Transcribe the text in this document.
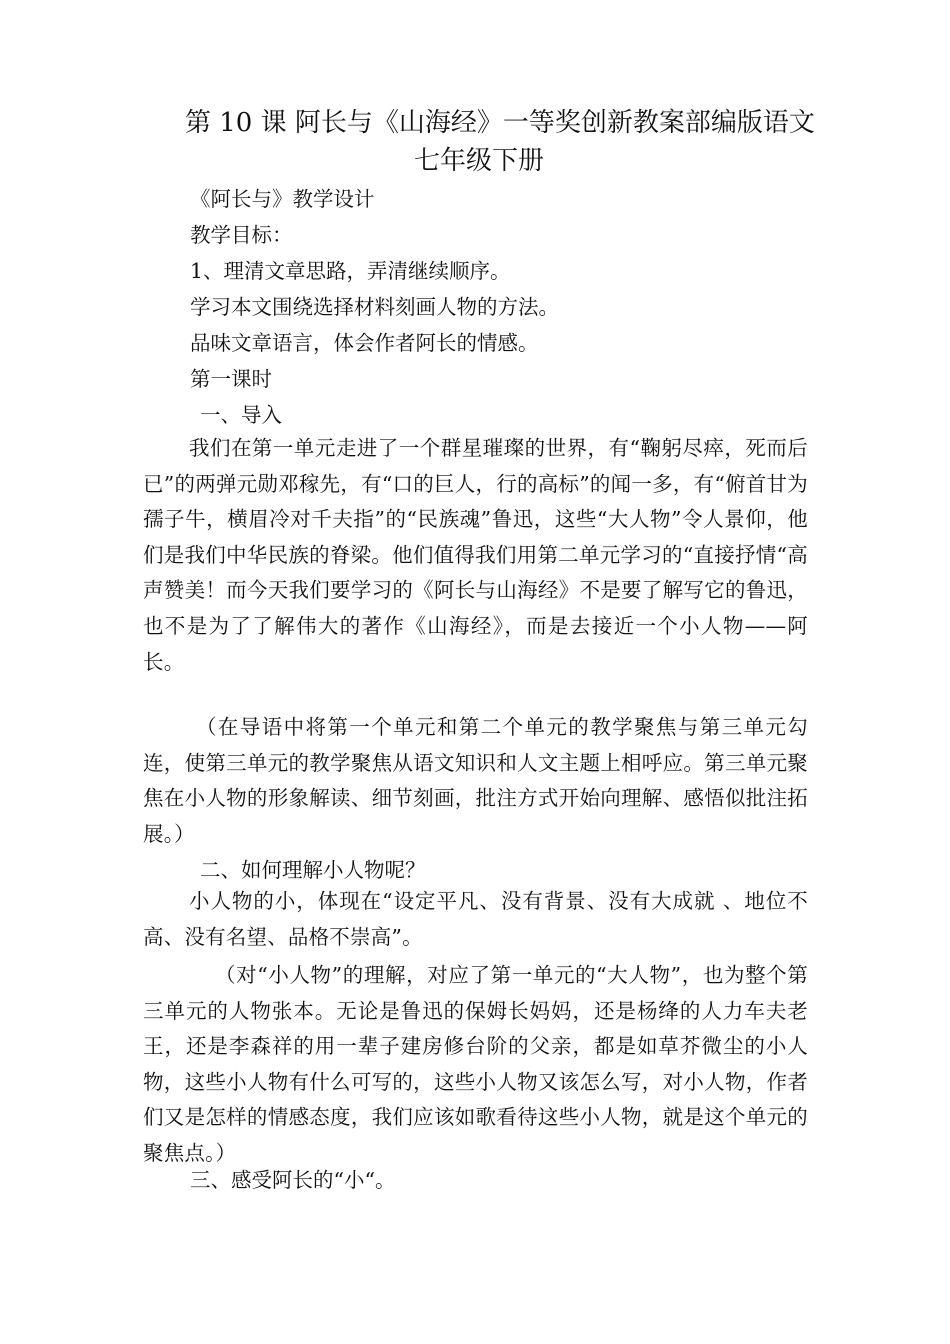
第 10 课 阿长与《山海经》一等奖创新教案部编版语文
七年级下册
《阿长与》教学设计
教学目标：
1、理清文章思路，弄清继续顺序。
学习本文围绕选择材料刻画人物的方法。
品味文章语言，体会作者阿长的情感。
第一课时
一、导入

我们在第一单元走进了一个群星璀璨的世界，有“鞠躬尽瘁，死而后已”的两弹元勋邓稼先，有“口的巨人，行的高标”的闻一多，有“俯首甘为孺子牛，横眉冷对千夫指”的“民族魂”鲁迅，这些“大人物”令人景仰，他们是我们中华民族的脊梁。他们值得我们用第二单元学习的“直接抒情“高声赞美！而今天我们要学习的《阿长与山海经》不是要了解写它的鲁迅，也不是为了了解伟大的著作《山海经》，而是去接近一个小人物——阿长。

（在导语中将第一个单元和第二个单元的教学聚焦与第三单元勾连，使第三单元的教学聚焦从语文知识和人文主题上相呼应。第三单元聚焦在小人物的形象解读、细节刻画，批注方式开始向理解、感悟似批注拓展。）

二、如何理解小人物呢？

小人物的小，体现在“设定平凡、没有背景、没有大成就 、地位不高、没有名望、品格不崇高”。

（对“小人物”的理解，对应了第一单元的“大人物”，也为整个第三单元的人物张本。无论是鲁迅的保姆长妈妈，还是杨绛的人力车夫老王，还是李森祥的用一辈子建房修台阶的父亲，都是如草芥微尘的小人物，这些小人物有什么可写的，这些小人物又该怎么写，对小人物，作者们又是怎样的情感态度，我们应该如歌看待这些小人物，就是这个单元的聚焦点。）

三、感受阿长的“小“。
